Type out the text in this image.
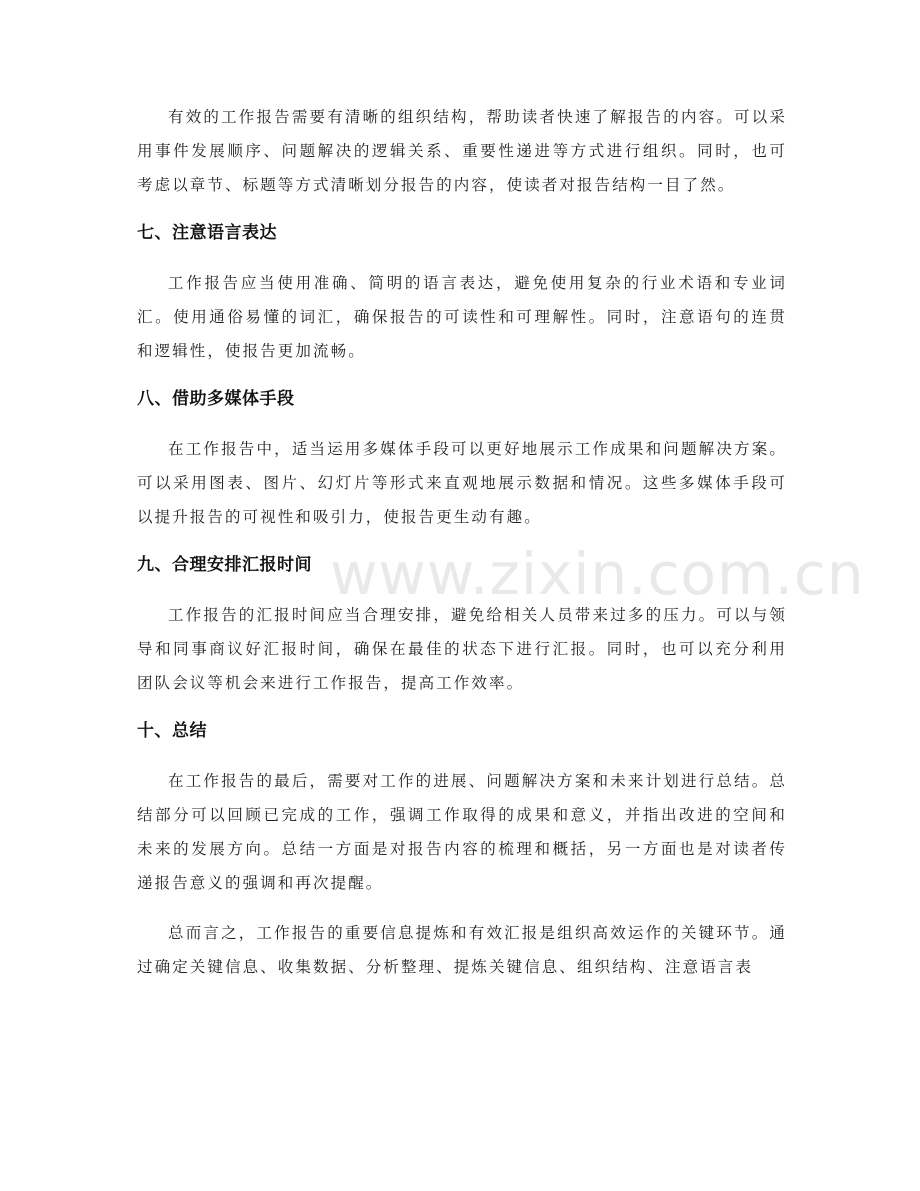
www.zixin.com.cn

有效的工作报告需要有清晰的组织结构，帮助读者快速了解报告的内容。可以采用事件发展顺序、问题解决的逻辑关系、重要性递进等方式进行组织。同时，也可考虑以章节、标题等方式清晰划分报告的内容，使读者对报告结构一目了然。

七、注意语言表达

工作报告应当使用准确、简明的语言表达，避免使用复杂的行业术语和专业词汇。使用通俗易懂的词汇，确保报告的可读性和可理解性。同时，注意语句的连贯和逻辑性，使报告更加流畅。

八、借助多媒体手段

在工作报告中，适当运用多媒体手段可以更好地展示工作成果和问题解决方案。可以采用图表、图片、幻灯片等形式来直观地展示数据和情况。这些多媒体手段可以提升报告的可视性和吸引力，使报告更生动有趣。

九、合理安排汇报时间

工作报告的汇报时间应当合理安排，避免给相关人员带来过多的压力。可以与领导和同事商议好汇报时间，确保在最佳的状态下进行汇报。同时，也可以充分利用团队会议等机会来进行工作报告，提高工作效率。

十、总结

在工作报告的最后，需要对工作的进展、问题解决方案和未来计划进行总结。总结部分可以回顾已完成的工作，强调工作取得的成果和意义，并指出改进的空间和未来的发展方向。总结一方面是对报告内容的梳理和概括，另一方面也是对读者传递报告意义的强调和再次提醒。

总而言之，工作报告的重要信息提炼和有效汇报是组织高效运作的关键环节。通过确定关键信息、收集数据、分析整理、提炼关键信息、组织结构、注意语言表
